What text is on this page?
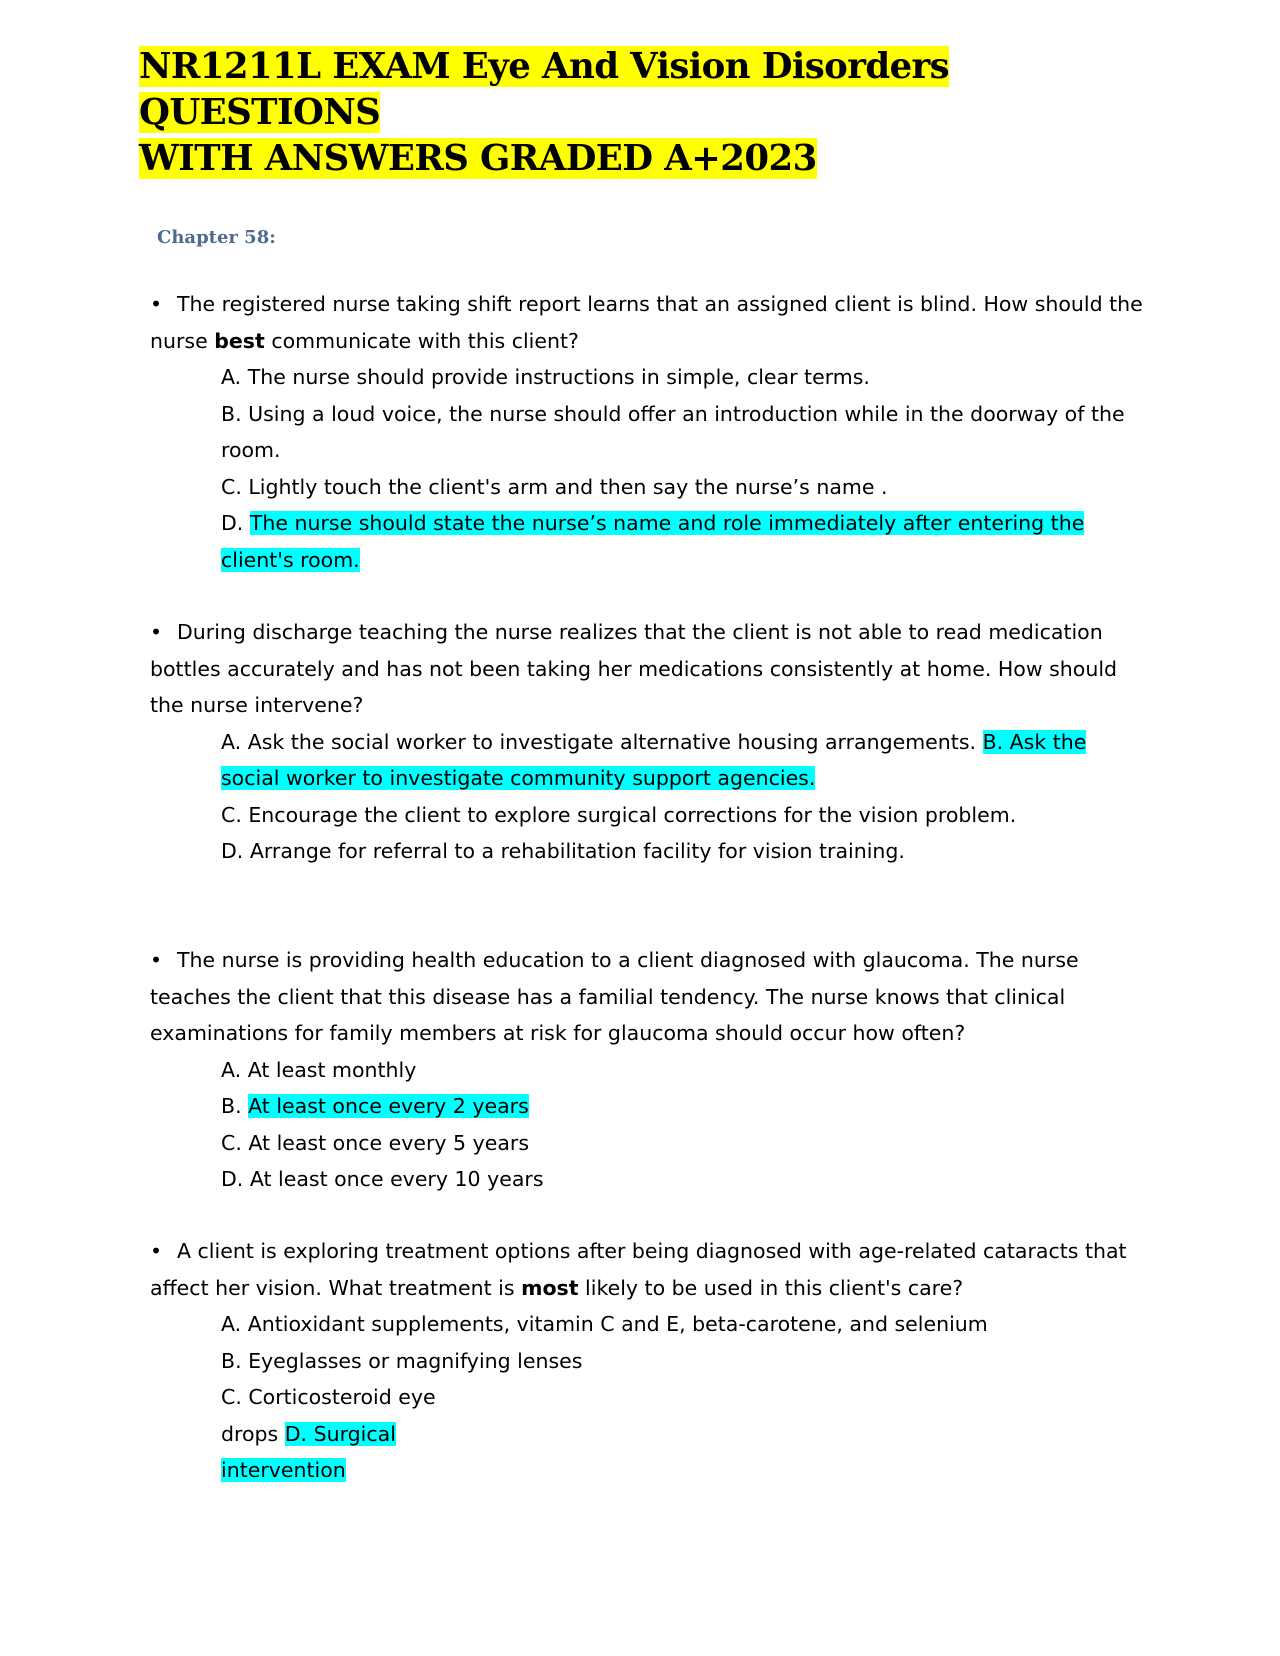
NR1211L EXAM Eye And Vision Disorders QUESTIONS
WITH ANSWERS GRADED A+2023

Chapter 58:

• The registered nurse taking shift report learns that an assigned client is blind. How should the nurse best communicate with this client?

A. The nurse should provide instructions in simple, clear terms.

B. Using a loud voice, the nurse should offer an introduction while in the doorway of the room.

C. Lightly touch the client's arm and then say the nurse’s name .

D. The nurse should state the nurse’s name and role immediately after entering the client's room.

• During discharge teaching the nurse realizes that the client is not able to read medication bottles accurately and has not been taking her medications consistently at home. How should the nurse intervene?

A. Ask the social worker to investigate alternative housing arrangements. B. Ask the social worker to investigate community support agencies.

C. Encourage the client to explore surgical corrections for the vision problem.

D. Arrange for referral to a rehabilitation facility for vision training.

• The nurse is providing health education to a client diagnosed with glaucoma. The nurse teaches the client that this disease has a familial tendency. The nurse knows that clinical examinations for family members at risk for glaucoma should occur how often?

A. At least monthly

B. At least once every 2 years

C. At least once every 5 years

D. At least once every 10 years

• A client is exploring treatment options after being diagnosed with age-related cataracts that affect her vision. What treatment is most likely to be used in this client's care?

A. Antioxidant supplements, vitamin C and E, beta-carotene, and selenium

B. Eyeglasses or magnifying lenses

C. Corticosteroid eye

drops D. Surgical

intervention
